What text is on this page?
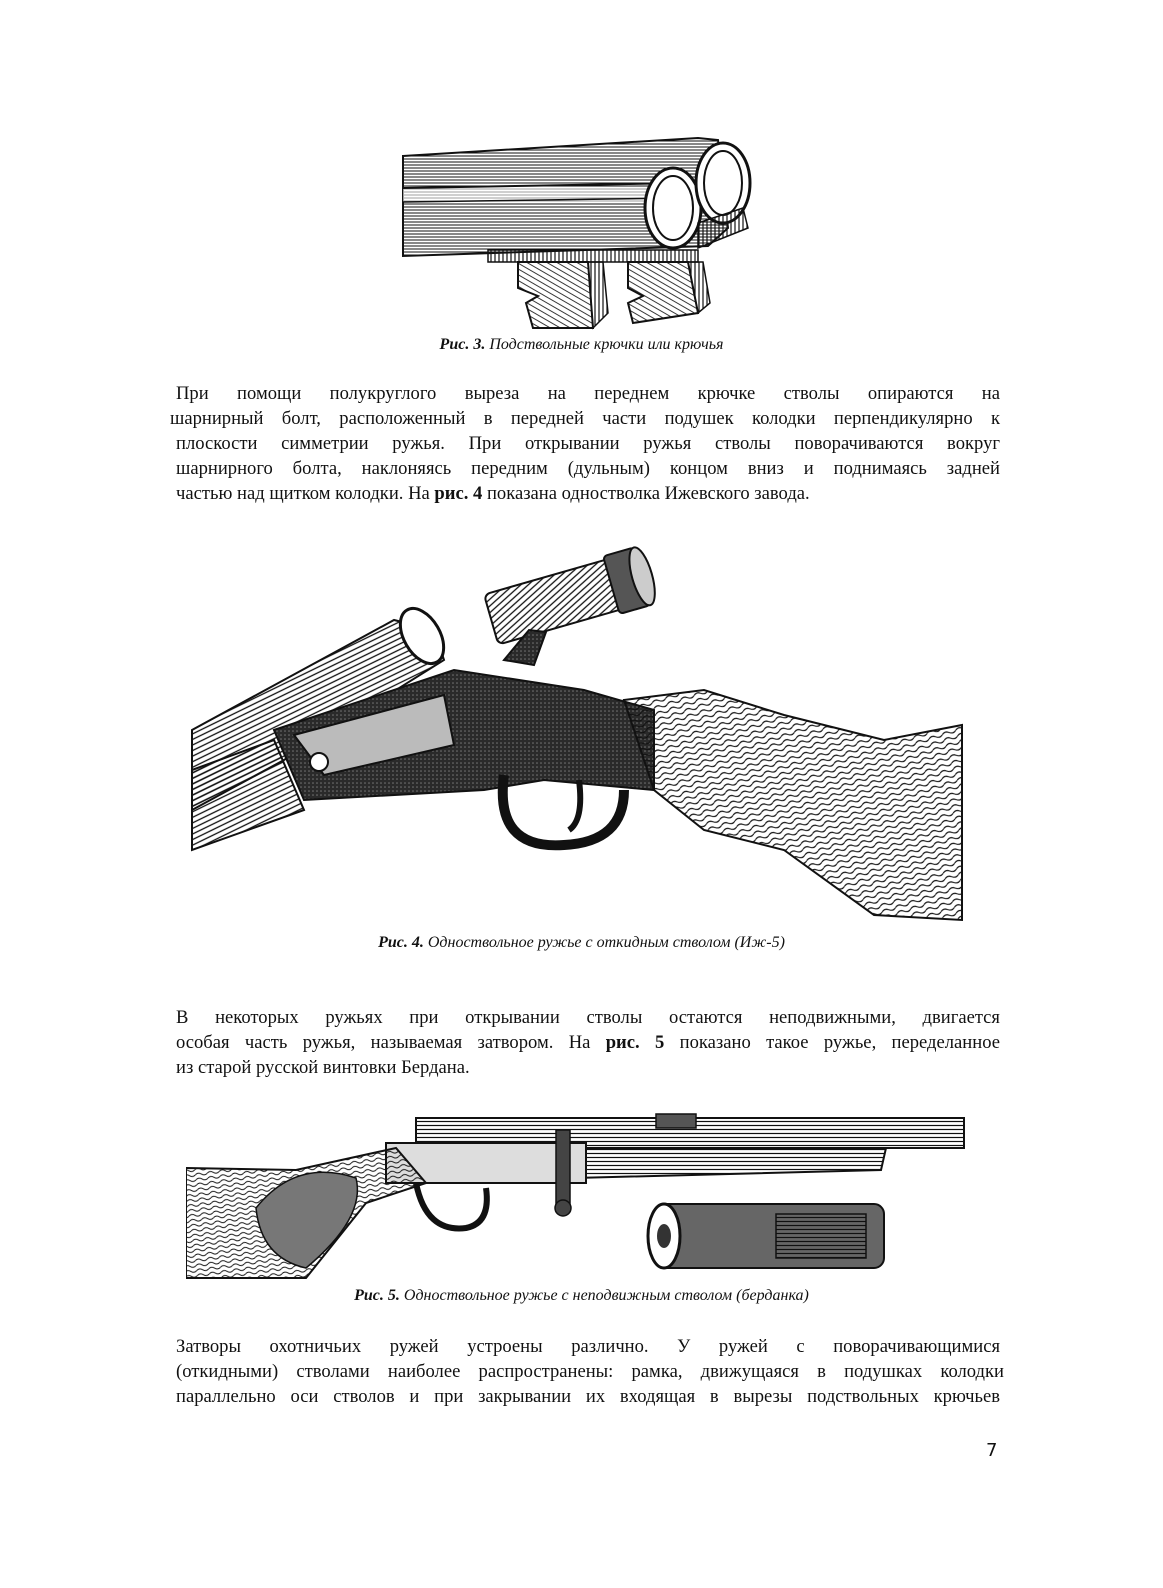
Рис. 3. Подствольные крючки или крючья
При помощи полукруглого выреза на переднем крючке стволы опираются на
шарнирный болт, расположенный в передней части подушек колодки перпендикулярно к
плоскости симметрии ружья. При открывании ружья стволы поворачиваются вокруг
шарнирного болта, наклоняясь передним (дульным) концом вниз и поднимаясь задней
частью над щитком колодки. На рис. 4 показана одностволка Ижевского завода.
Рис. 4. Одноствольное ружье с откидным стволом (Иж-5)
В некоторых ружьях при открывании стволы остаются неподвижными, двигается
особая часть ружья, называемая затвором. На рис. 5 показано такое ружье, переделанное
из старой русской винтовки Бердана.
Рис. 5. Одноствольное ружье с неподвижным стволом (берданка)
Затворы охотничьих ружей устроены различно. У ружей с поворачивающимися
(откидными) стволами наиболее распространены: рамка, движущаяся в подушках колодки
параллельно оси стволов и при закрывании их входящая в вырезы подствольных крючьев
7
